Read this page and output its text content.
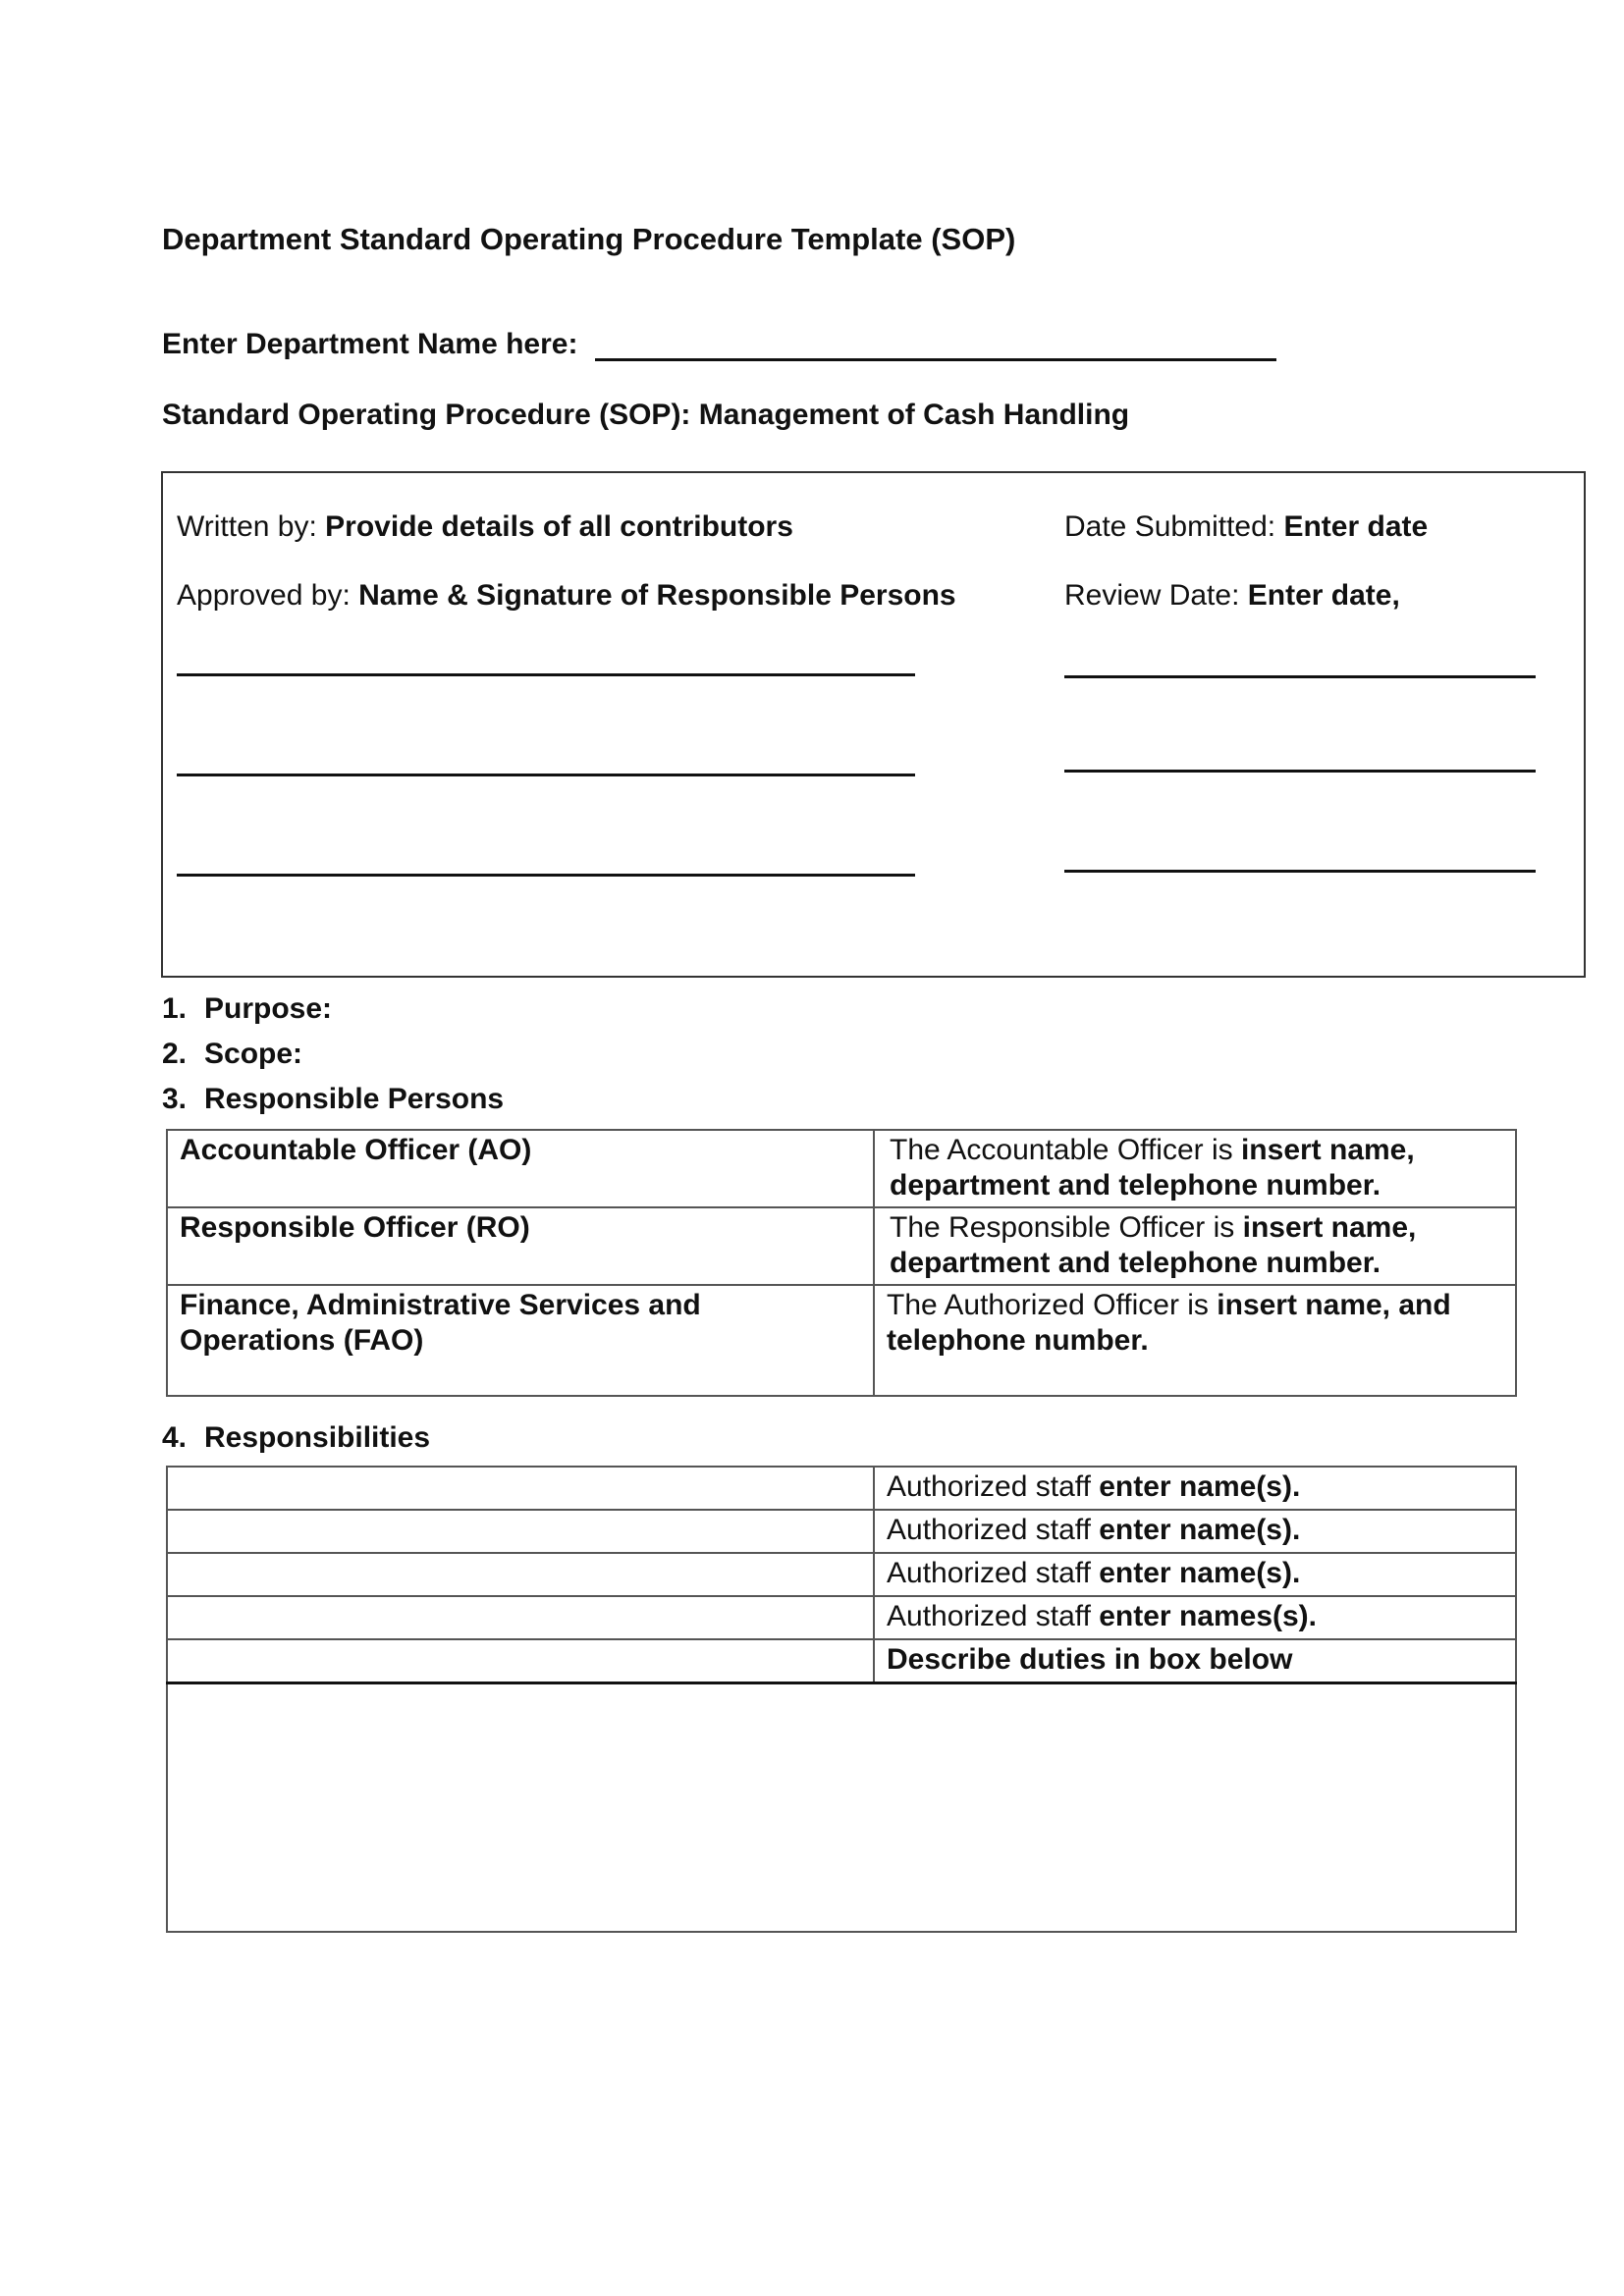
Department Standard Operating Procedure Template (SOP)
Enter Department Name here:
Standard Operating Procedure (SOP): Management of Cash Handling
Written by: Provide details of all contributors	Date Submitted: Enter date
Approved by: Name & Signature of Responsible Persons	Review Date: Enter date,
1. Purpose:
2. Scope:
3. Responsible Persons
Accountable Officer (AO)	The Accountable Officer is insert name, department and telephone number.
Responsible Officer (RO)	The Responsible Officer is insert name, department and telephone number.
Finance, Administrative Services and Operations (FAO)	The Authorized Officer is insert name, and telephone number.
4. Responsibilities
	Authorized staff enter name(s).
	Authorized staff enter name(s).
	Authorized staff enter name(s).
	Authorized staff enter names(s).
	Describe duties in box below
